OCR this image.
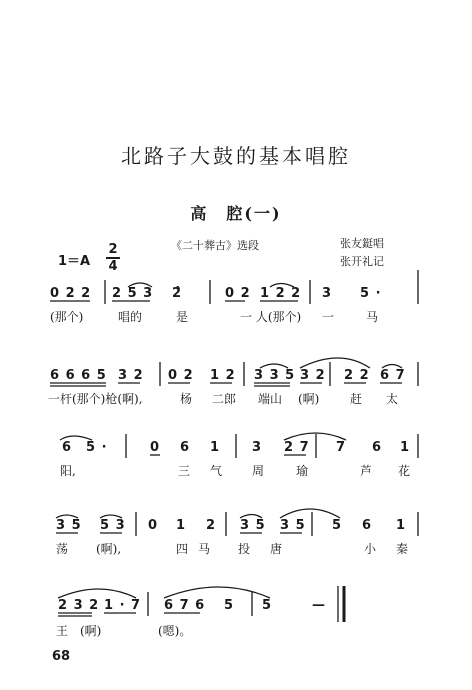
北路子大鼓的基本唱腔
高　腔(一)
1＝A
2
4
《二十葬古》选段	张友鋌唱
张开礼记
0 2 2 2 5 3 2̂	0 2 1 2 2 3 5 ·
(那个)	唱的	是	一 人(那个) 一	马
6 6 6 5 3 2 0 2 1 2 3 3 5 3 2 2 2 6 7
一杆(那个)枪(啊),	杨 二郎 端山 (啊)	赶 太
6 5 ·	0 6 1 3 2 7 7 6 1
阳,	三 气 周	瑜	芦 花
3 5 5 3 0 1 2 3 5 3 5 5 6 1
荡 (啊),	四 马 投 唐	小 秦
2 3 2 1 · 7 6 7 6 5 5	—
王 (啊)	(嗯)。
68
